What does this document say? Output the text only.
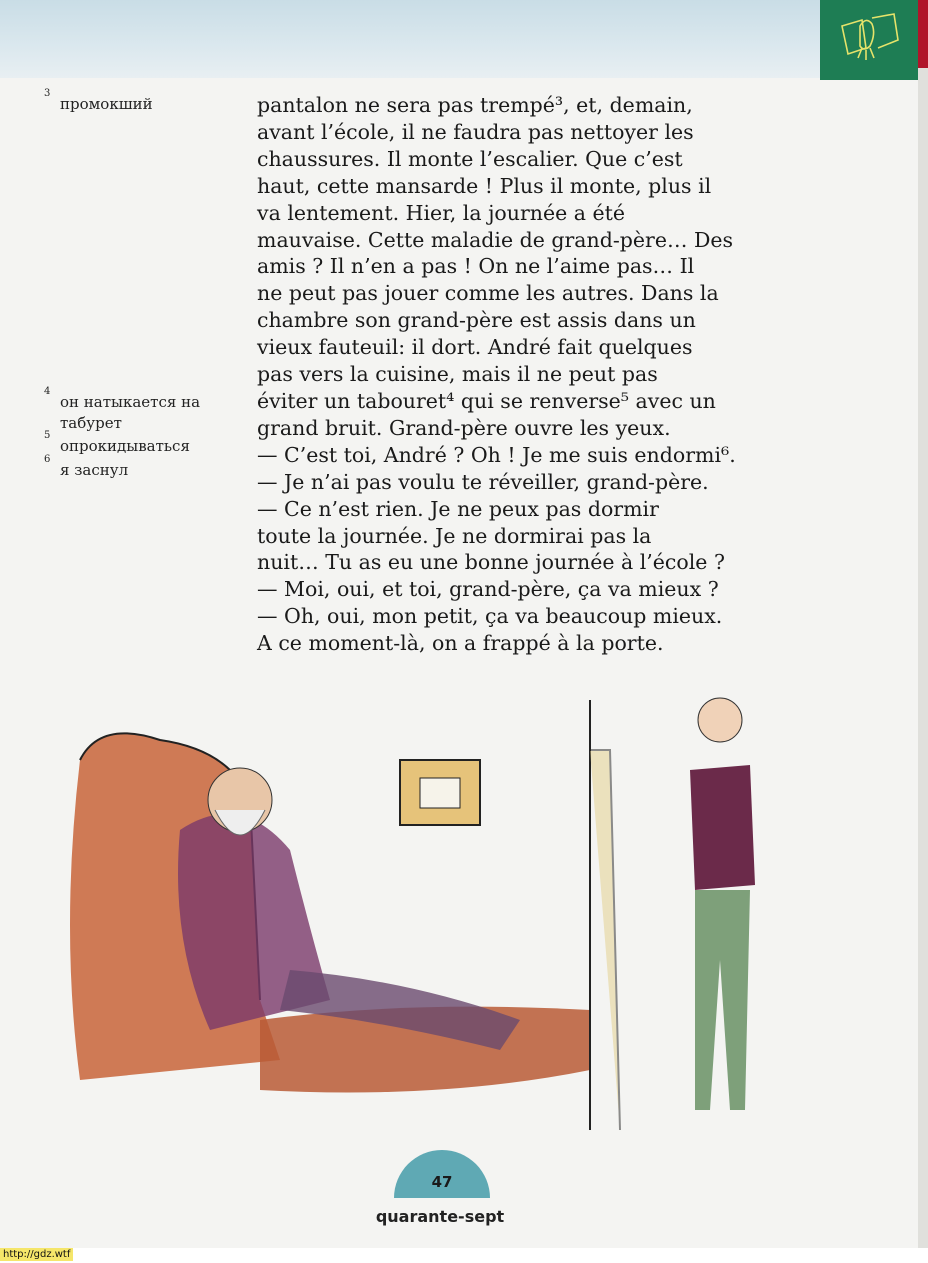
3
промокший
4
он натыкается на
табурет
5
опрокидываться
6
я заснул
pantalon ne sera pas trempé³, et, demain,
avant l’école, il ne faudra pas nettoyer les
chaussures. Il monte l’escalier. Que c’est
haut, cette mansarde ! Plus il monte, plus il
va lentement. Hier, la journée a été
mauvaise. Cette maladie de grand-père… Des
amis ? Il n’en a pas ! On ne l’aime pas… Il
ne peut pas jouer comme les autres. Dans la
chambre son grand-père est assis dans un
vieux fauteuil: il dort. André fait quelques
pas vers la cuisine, mais il ne peut pas
éviter un tabouret⁴ qui se renverse⁵ avec un
grand bruit. Grand-père ouvre les yeux.
— C’est toi, André ? Oh ! Je me suis endormi⁶.
— Je n’ai pas voulu te réveiller, grand-père.
— Ce n’est rien. Je ne peux pas dormir
toute la journée. Je ne dormirai pas la
nuit… Tu as eu une bonne journée à l’école ?
— Moi, oui, et toi, grand-père, ça va mieux ?
— Oh, oui, mon petit, ça va beaucoup mieux.
A ce moment-là, on a frappé à la porte.
47
quarante-sept
http://gdz.wtf
